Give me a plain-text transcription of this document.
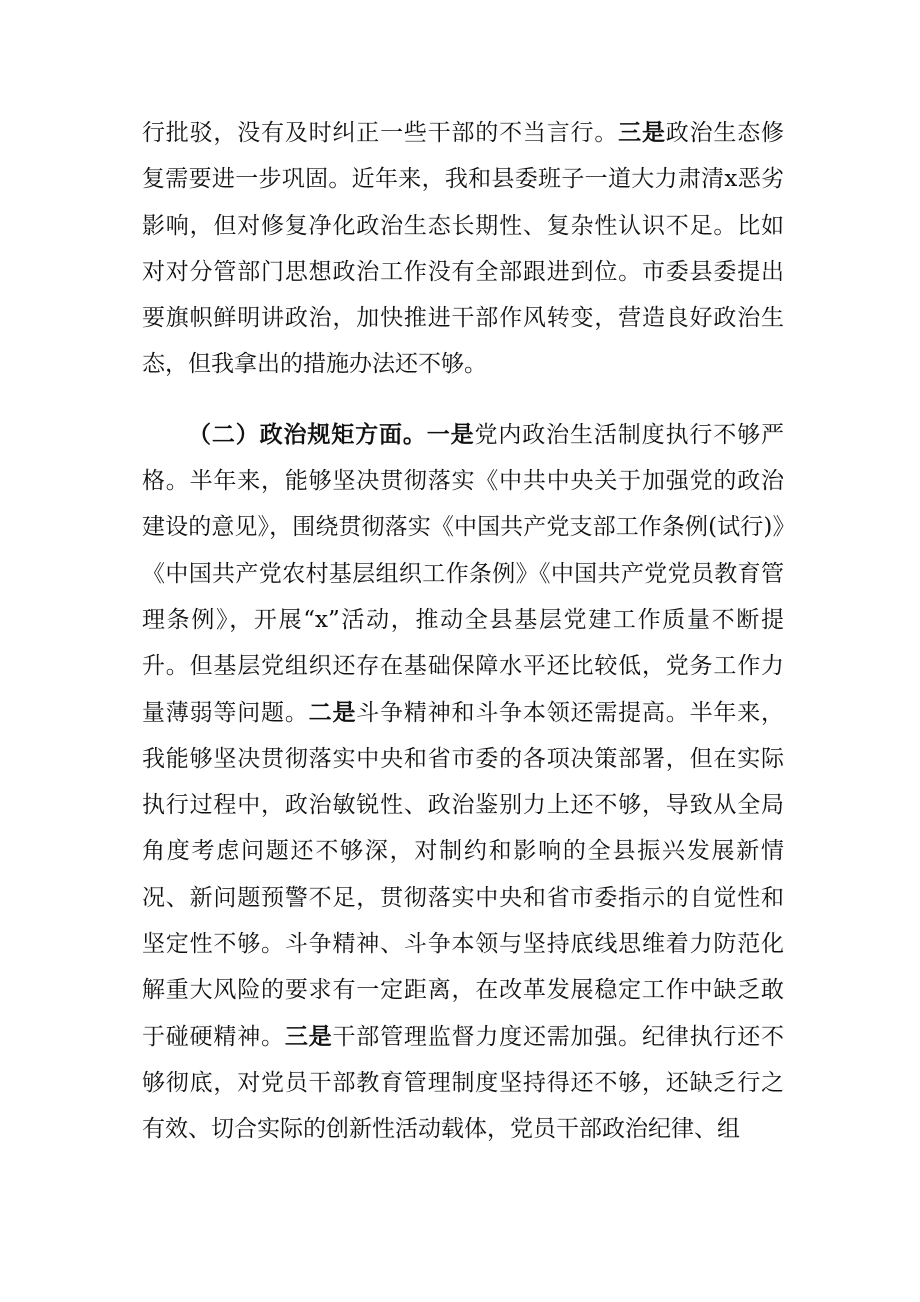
行批驳，没有及时纠正一些干部的不当言行。三是政治生态修复需要进一步巩固。近年来，我和县委班子一道大力肃清x恶劣影响，但对修复净化政治生态长期性、复杂性认识不足。比如对对分管部门思想政治工作没有全部跟进到位。市委县委提出要旗帜鲜明讲政治，加快推进干部作风转变，营造良好政治生态，但我拿出的措施办法还不够。

（二）政治规矩方面。一是党内政治生活制度执行不够严格。半年来，能够坚决贯彻落实《中共中央关于加强党的政治建设的意见》，围绕贯彻落实《中国共产党支部工作条例(试行)》《中国共产党农村基层组织工作条例》《中国共产党党员教育管理条例》，开展“x”活动，推动全县基层党建工作质量不断提升。但基层党组织还存在基础保障水平还比较低，党务工作力量薄弱等问题。二是斗争精神和斗争本领还需提高。半年来，我能够坚决贯彻落实中央和省市委的各项决策部署，但在实际执行过程中，政治敏锐性、政治鉴别力上还不够，导致从全局角度考虑问题还不够深，对制约和影响的全县振兴发展新情况、新问题预警不足，贯彻落实中央和省市委指示的自觉性和坚定性不够。斗争精神、斗争本领与坚持底线思维着力防范化解重大风险的要求有一定距离，在改革发展稳定工作中缺乏敢于碰硬精神。三是干部管理监督力度还需加强。纪律执行还不够彻底，对党员干部教育管理制度坚持得还不够，还缺乏行之有效、切合实际的创新性活动载体，党员干部政治纪律、组
